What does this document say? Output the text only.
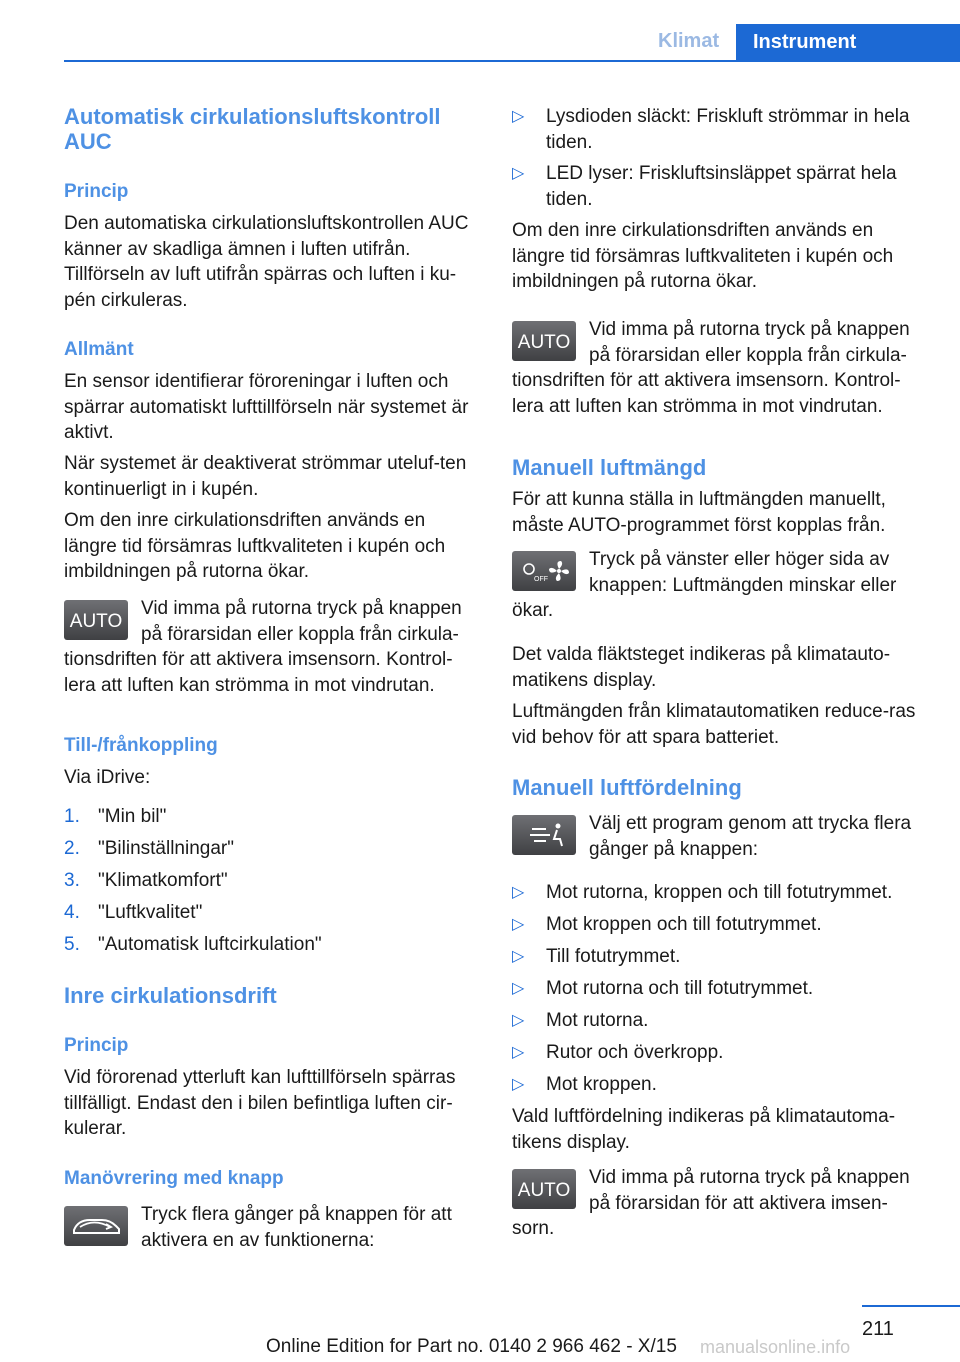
Klimat	Instrument
Automatisk cirkulationsluftskontroll AUC
Princip
Den automatiska cirkulationsluftskontrollen AUC känner av skadliga ämnen i luften utifrån. Tillförseln av luft utifrån spärras och luften i ku-pén cirkuleras.
Allmänt
En sensor identifierar föroreningar i luften och spärrar automatiskt lufttillförseln när systemet är aktivt.
När systemet är deaktiverat strömmar uteluf-ten kontinuerligt in i kupén.
Om den inre cirkulationsdriften används en längre tid försämras luftkvaliteten i kupén och imbildningen på rutorna ökar.
AUTO
Vid imma på rutorna tryck på knappen på förarsidan eller koppla från cirkula-tionsdriften för att aktivera imsensorn. Kontrol-lera att luften kan strömma in mot vindrutan.
Till-/frånkoppling
Via iDrive:
1. "Min bil"
2. "Bilinställningar"
3. "Klimatkomfort"
4. "Luftkvalitet"
5. "Automatisk luftcirkulation"
Inre cirkulationsdrift
Princip
Vid förorenad ytterluft kan lufttillförseln spärras tillfälligt. Endast den i bilen befintliga luften cir-kulerar.
Manövrering med knapp
Tryck flera gånger på knappen för att aktivera en av funktionerna:
▷ Lysdioden släckt: Friskluft strömmar in hela tiden.
▷ LED lyser: Friskluftsinsläppet spärrat hela tiden.
Om den inre cirkulationsdriften används en längre tid försämras luftkvaliteten i kupén och imbildningen på rutorna ökar.
AUTO
Vid imma på rutorna tryck på knappen på förarsidan eller koppla från cirkula-tionsdriften för att aktivera imsensorn. Kontrol-lera att luften kan strömma in mot vindrutan.
Manuell luftmängd
För att kunna ställa in luftmängden manuellt, måste AUTO-programmet först kopplas från.
OFF
Tryck på vänster eller höger sida av knappen: Luftmängden minskar eller ökar.
Det valda fläktsteget indikeras på klimatauto-matikens display.
Luftmängden från klimatautomatiken reduce-ras vid behov för att spara batteriet.
Manuell luftfördelning
Välj ett program genom att trycka flera gånger på knappen:
▷ Mot rutorna, kroppen och till fotutrymmet.
▷ Mot kroppen och till fotutrymmet.
▷ Till fotutrymmet.
▷ Mot rutorna och till fotutrymmet.
▷ Mot rutorna.
▷ Rutor och överkropp.
▷ Mot kroppen.
Vald luftfördelning indikeras på klimatautoma-tikens display.
AUTO
Vid imma på rutorna tryck på knappen på förarsidan för att aktivera imsen-sorn.
211
Online Edition for Part no. 0140 2 966 462 - X/15 manualsonline.info
